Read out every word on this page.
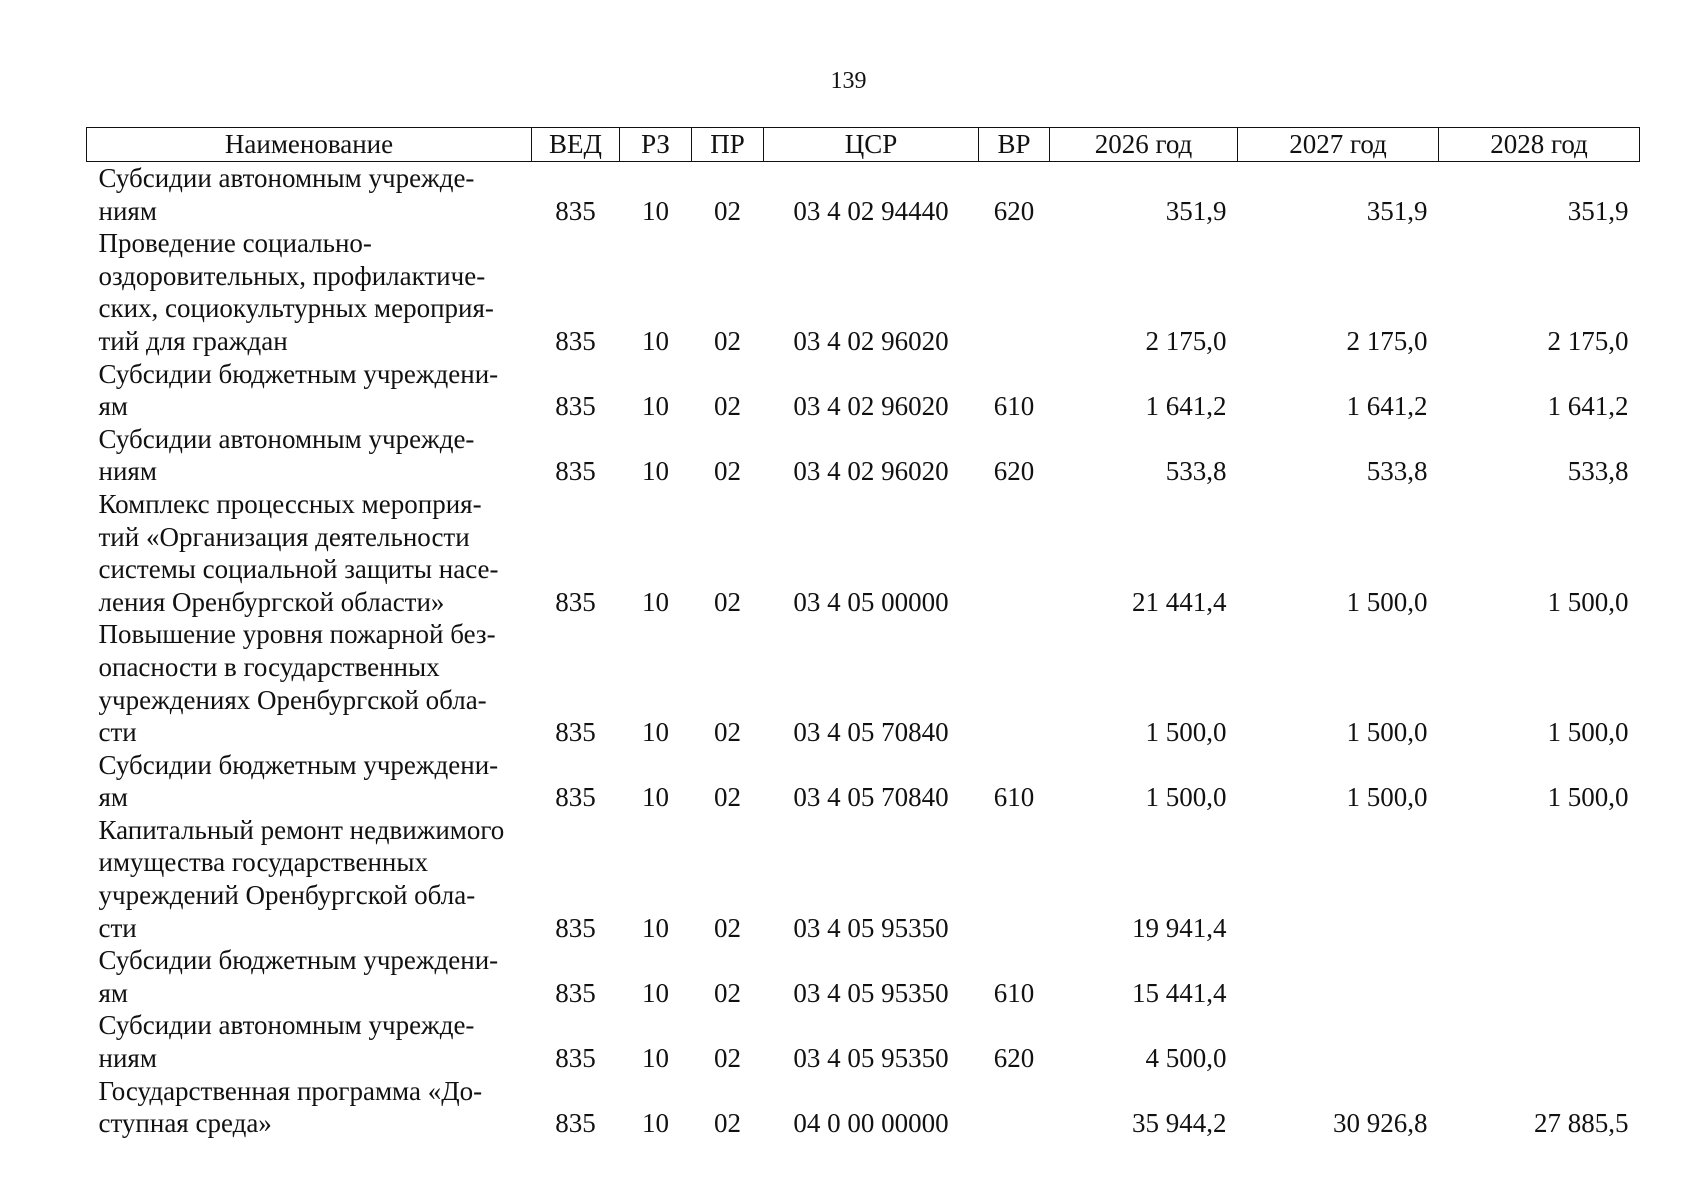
139
Наименование	ВЕД	РЗ	ПР	ЦСР	ВР	2026 год	2027 год	2028 год

Субсидии автономным учрежде-
ниям	835	10	02	03 4 02 94440	620	351,9	351,9	351,9

Проведение социально-
оздоровительных, профилактиче-
ских, социокультурных мероприя-
тий для граждан	835	10	02	03 4 02 96020		2 175,0	2 175,0	2 175,0

Субсидии бюджетным учреждени-
ям	835	10	02	03 4 02 96020	610	1 641,2	1 641,2	1 641,2

Субсидии автономным учрежде-
ниям	835	10	02	03 4 02 96020	620	533,8	533,8	533,8

Комплекс процессных мероприя-
тий «Организация деятельности
системы социальной защиты насе-
ления Оренбургской области»	835	10	02	03 4 05 00000		21 441,4	1 500,0	1 500,0

Повышение уровня пожарной без-
опасности в государственных
учреждениях Оренбургской обла-
сти	835	10	02	03 4 05 70840		1 500,0	1 500,0	1 500,0

Субсидии бюджетным учреждени-
ям	835	10	02	03 4 05 70840	610	1 500,0	1 500,0	1 500,0

Капитальный ремонт недвижимого
имущества государственных
учреждений Оренбургской обла-
сти	835	10	02	03 4 05 95350		19 941,4		

Субсидии бюджетным учреждени-
ям	835	10	02	03 4 05 95350	610	15 441,4		

Субсидии автономным учрежде-
ниям	835	10	02	03 4 05 95350	620	4 500,0		

Государственная программа «До-
ступная среда»	835	10	02	04 0 00 00000		35 944,2	30 926,8	27 885,5
